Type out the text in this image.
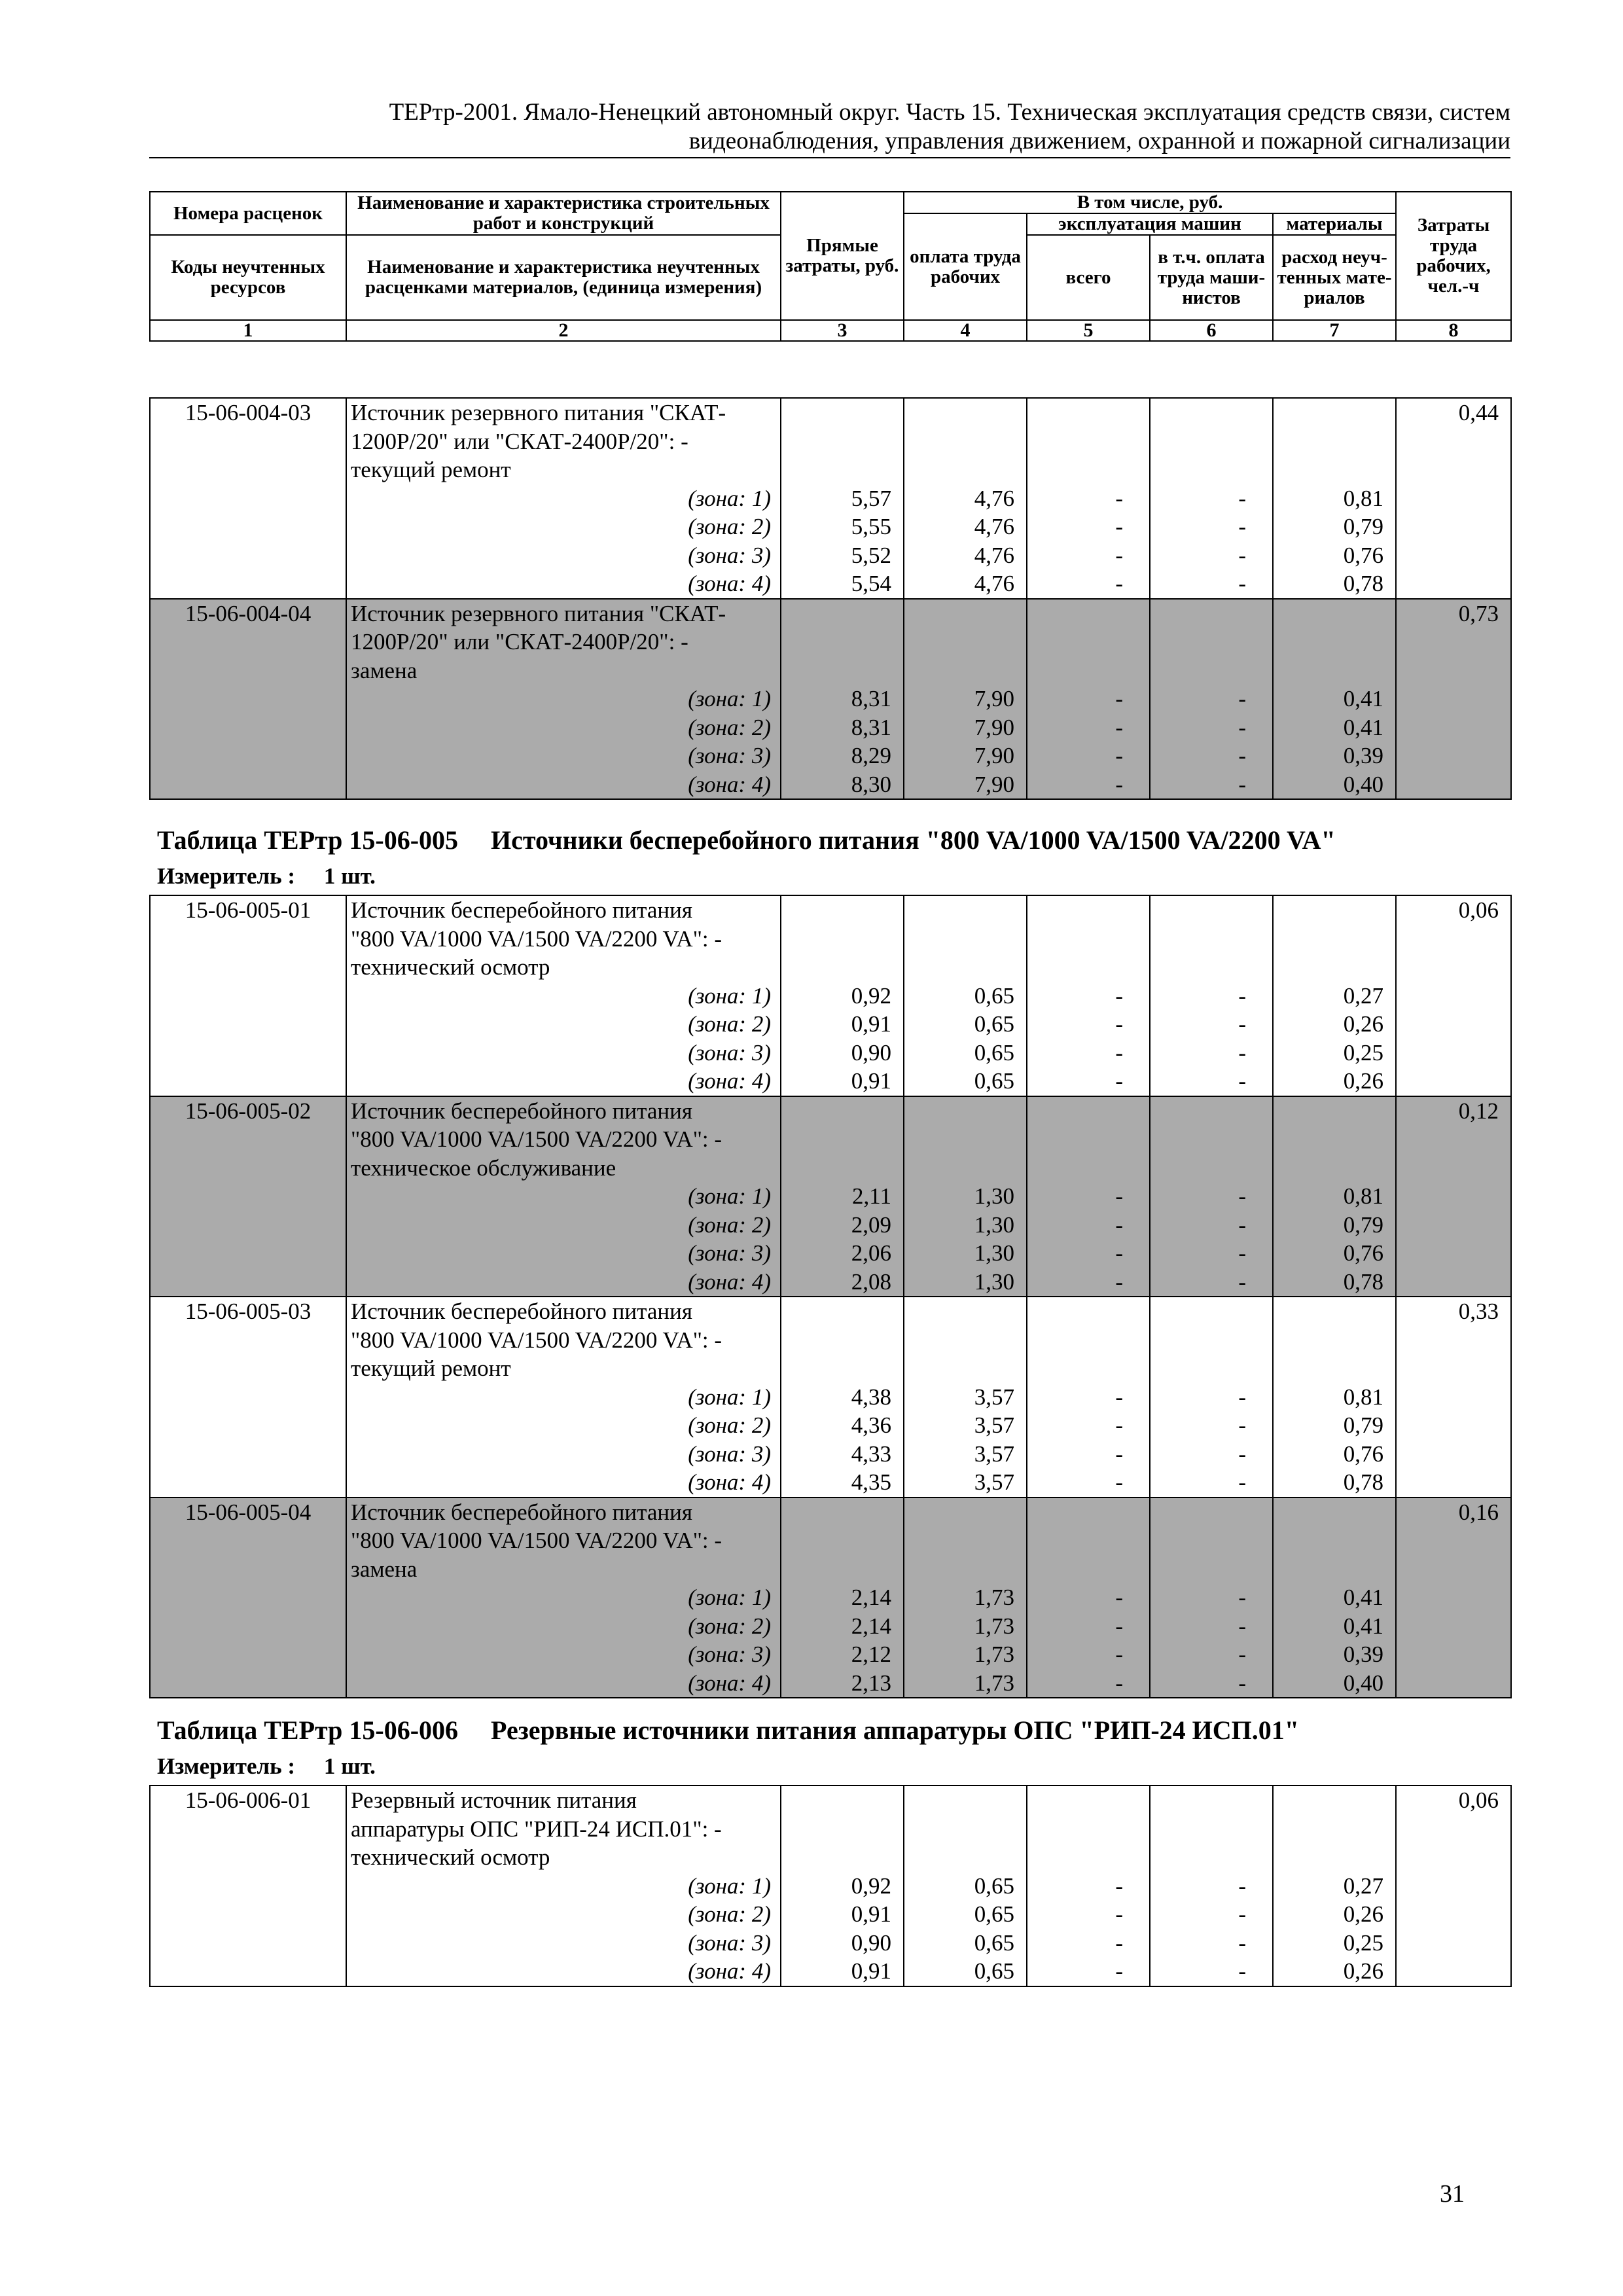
ТЕРтр-2001. Ямало-Ненецкий автономный округ. Часть 15. Техническая эксплуатация средств связи, систем
видеонаблюдения, управления движением, охранной и пожарной сигнализации
Номера расценок	Наименование и характеристика строительных работ и конструкций	Прямые затраты, руб.	В том числе, руб.				Затраты труда рабочих, чел.-ч
			оплата труда рабочих	эксплуатация машин		материалы	
Коды неучтенных ресурсов	Наименование и характеристика неучтенных расценками материалов, (единица измерения)			всего	в т.ч. оплата труда маши- нистов	расход неуч- тенных мате- риалов	

1	2	3	4	5	6	7	8
15-06-004-03	Источник резервного питания "СКАТ-						0,44
	1200Р/20" или "СКАТ-2400Р/20": -						
	текущий ремонт						
	(зона: 1)	5,57	4,76	-	-	0,81	
	(зона: 2)	5,55	4,76	-	-	0,79	
	(зона: 3)	5,52	4,76	-	-	0,76	
	(зона: 4)	5,54	4,76	-	-	0,78	
15-06-004-04	Источник резервного питания "СКАТ-						0,73
	1200Р/20" или "СКАТ-2400Р/20": -						
	замена						
	(зона: 1)	8,31	7,90	-	-	0,41	
	(зона: 2)	8,31	7,90	-	-	0,41	
	(зона: 3)	8,29	7,90	-	-	0,39	
	(зона: 4)	8,30	7,90	-	-	0,40	
Таблица ТЕРтр 15-06-005     Источники бесперебойного питания "800 VA/1000 VA/1500 VA/2200 VA"
Измеритель :     1 шт.
15-06-005-01	Источник бесперебойного питания						0,06
	"800 VA/1000 VA/1500 VA/2200 VA": -						
	технический осмотр						
	(зона: 1)	0,92	0,65	-	-	0,27	
	(зона: 2)	0,91	0,65	-	-	0,26	
	(зона: 3)	0,90	0,65	-	-	0,25	
	(зона: 4)	0,91	0,65	-	-	0,26	
15-06-005-02	Источник бесперебойного питания						0,12
	"800 VA/1000 VA/1500 VA/2200 VA": -						
	техническое обслуживание						
	(зона: 1)	2,11	1,30	-	-	0,81	
	(зона: 2)	2,09	1,30	-	-	0,79	
	(зона: 3)	2,06	1,30	-	-	0,76	
	(зона: 4)	2,08	1,30	-	-	0,78	
15-06-005-03	Источник бесперебойного питания						0,33
	"800 VA/1000 VA/1500 VA/2200 VA": -						
	текущий ремонт						
	(зона: 1)	4,38	3,57	-	-	0,81	
	(зона: 2)	4,36	3,57	-	-	0,79	
	(зона: 3)	4,33	3,57	-	-	0,76	
	(зона: 4)	4,35	3,57	-	-	0,78	
15-06-005-04	Источник бесперебойного питания						0,16
	"800 VA/1000 VA/1500 VA/2200 VA": -						
	замена						
	(зона: 1)	2,14	1,73	-	-	0,41	
	(зона: 2)	2,14	1,73	-	-	0,41	
	(зона: 3)	2,12	1,73	-	-	0,39	
	(зона: 4)	2,13	1,73	-	-	0,40	
Таблица ТЕРтр 15-06-006     Резервные источники питания аппаратуры ОПС "РИП-24 ИСП.01"
Измеритель :     1 шт.
15-06-006-01	Резервный источник питания						0,06
	аппаратуры ОПС "РИП-24 ИСП.01": -						
	технический осмотр						
	(зона: 1)	0,92	0,65	-	-	0,27	
	(зона: 2)	0,91	0,65	-	-	0,26	
	(зона: 3)	0,90	0,65	-	-	0,25	
	(зона: 4)	0,91	0,65	-	-	0,26	
31
